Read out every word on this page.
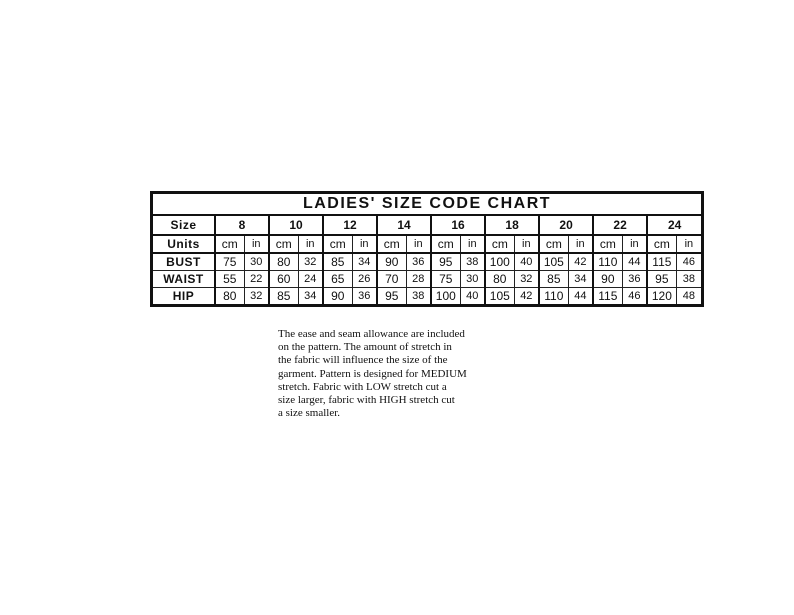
LADIES' SIZE CODE CHART
Size	8		10		12		14		16		18		20		22		24	
Units	cm	in	cm	in	cm	in	cm	in	cm	in	cm	in	cm	in	cm	in	cm	in
BUST	75	30	80	32	85	34	90	36	95	38	100	40	105	42	110	44	115	46
WAIST	55	22	60	24	65	26	70	28	75	30	80	32	85	34	90	36	95	38
HIP	80	32	85	34	90	36	95	38	100	40	105	42	110	44	115	46	120	48
The ease and seam allowance are included
on the pattern. The amount of stretch in
the fabric will influence the size of the
garment. Pattern is designed for MEDIUM
stretch. Fabric with LOW stretch cut a
size larger, fabric with HIGH stretch cut
a size smaller.
